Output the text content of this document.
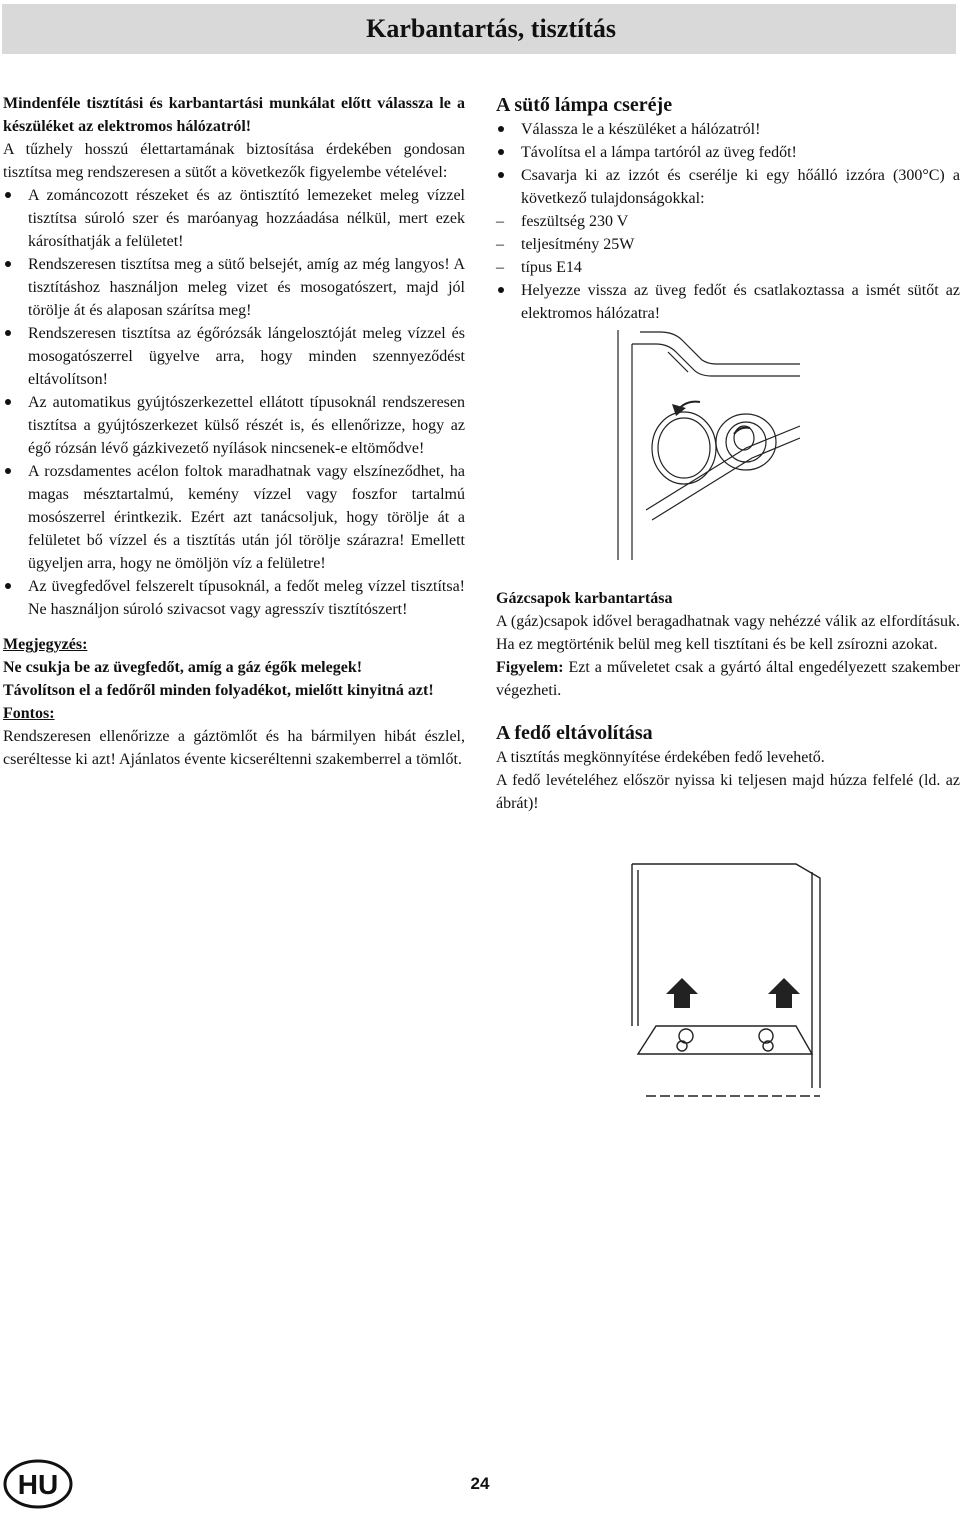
Karbantartás, tisztítás

Mindenféle tisztítási és karbantartási munkálat előtt válassza le a készüléket az elektromos hálózatról!

A tűzhely hosszú élettartamának biztosítása érdekében gondosan tisztítsa meg rendszeresen a sütőt a következők figyelembe vételével:

A zománcozott részeket és az öntisztító lemezeket meleg vízzel tisztítsa súroló szer és maróanyag hozzáadása nélkül, mert ezek károsíthatják a felületet!
Rendszeresen tisztítsa meg a sütő belsejét, amíg az még langyos! A tisztításhoz használjon meleg vizet és mosogatószert, majd jól törölje át és alaposan szárítsa meg!
Rendszeresen tisztítsa az égőrózsák lángelosztóját meleg vízzel és mosogatószerrel ügyelve arra, hogy minden szennyeződést eltávolítson!
Az automatikus gyújtószerkezettel ellátott típusoknál rendszeresen tisztítsa a gyújtószerkezet külső részét is, és ellenőrizze, hogy az égő rózsán lévő gázkivezető nyílások nincsenek-e eltömődve!
A rozsdamentes acélon foltok maradhatnak vagy elszíneződhet, ha magas mésztartalmú, kemény vízzel vagy foszfor tartalmú mosószerrel érintkezik. Ezért azt tanácsoljuk, hogy törölje át a felületet bő vízzel és a tisztítás után jól törölje szárazra! Emellett ügyeljen arra, hogy ne ömöljön víz a felületre!
Az üvegfedővel felszerelt típusoknál, a fedőt meleg vízzel tisztítsa! Ne használjon súroló szivacsot vagy agresszív tisztítószert!

Megjegyzés:

Ne csukja be az üvegfedőt, amíg a gáz égők melegek!

Távolítson el a fedőről minden folyadékot, mielőtt kinyitná azt!

Fontos:

Rendszeresen ellenőrizze a gáztömlőt és ha bármilyen hibát észlel, cseréltesse ki azt! Ajánlatos évente kicseréltenni szakemberrel a tömlőt.

A sütő lámpa cseréje
Válassza le a készüléket a hálózatról!
Távolítsa el a lámpa tartóról az üveg fedőt!
Csavarja ki az izzót és cserélje ki egy hőálló izzóra (300°C) a következő tulajdonságokkal:
– feszültség 230 V
– teljesítmény 25W
– típus E14
Helyezze vissza az üveg fedőt és csatlakoztassa a ismét sütőt az elektromos hálózatra!
Gázcsapok karbantartása

A (gáz)csapok idővel beragadhatnak vagy nehézzé válik az elfordításuk. Ha ez megtörténik belül meg kell tisztítani és be kell zsírozni azokat.

Figyelem: Ezt a műveletet csak a gyártó által engedélyezett szakember végezheti.

A fedő eltávolítása

A tisztítás megkönnyítése érdekében fedő levehető.

A fedő levételéhez először nyissa ki teljesen majd húzza felfelé (ld. az ábrát)!

HU	24
